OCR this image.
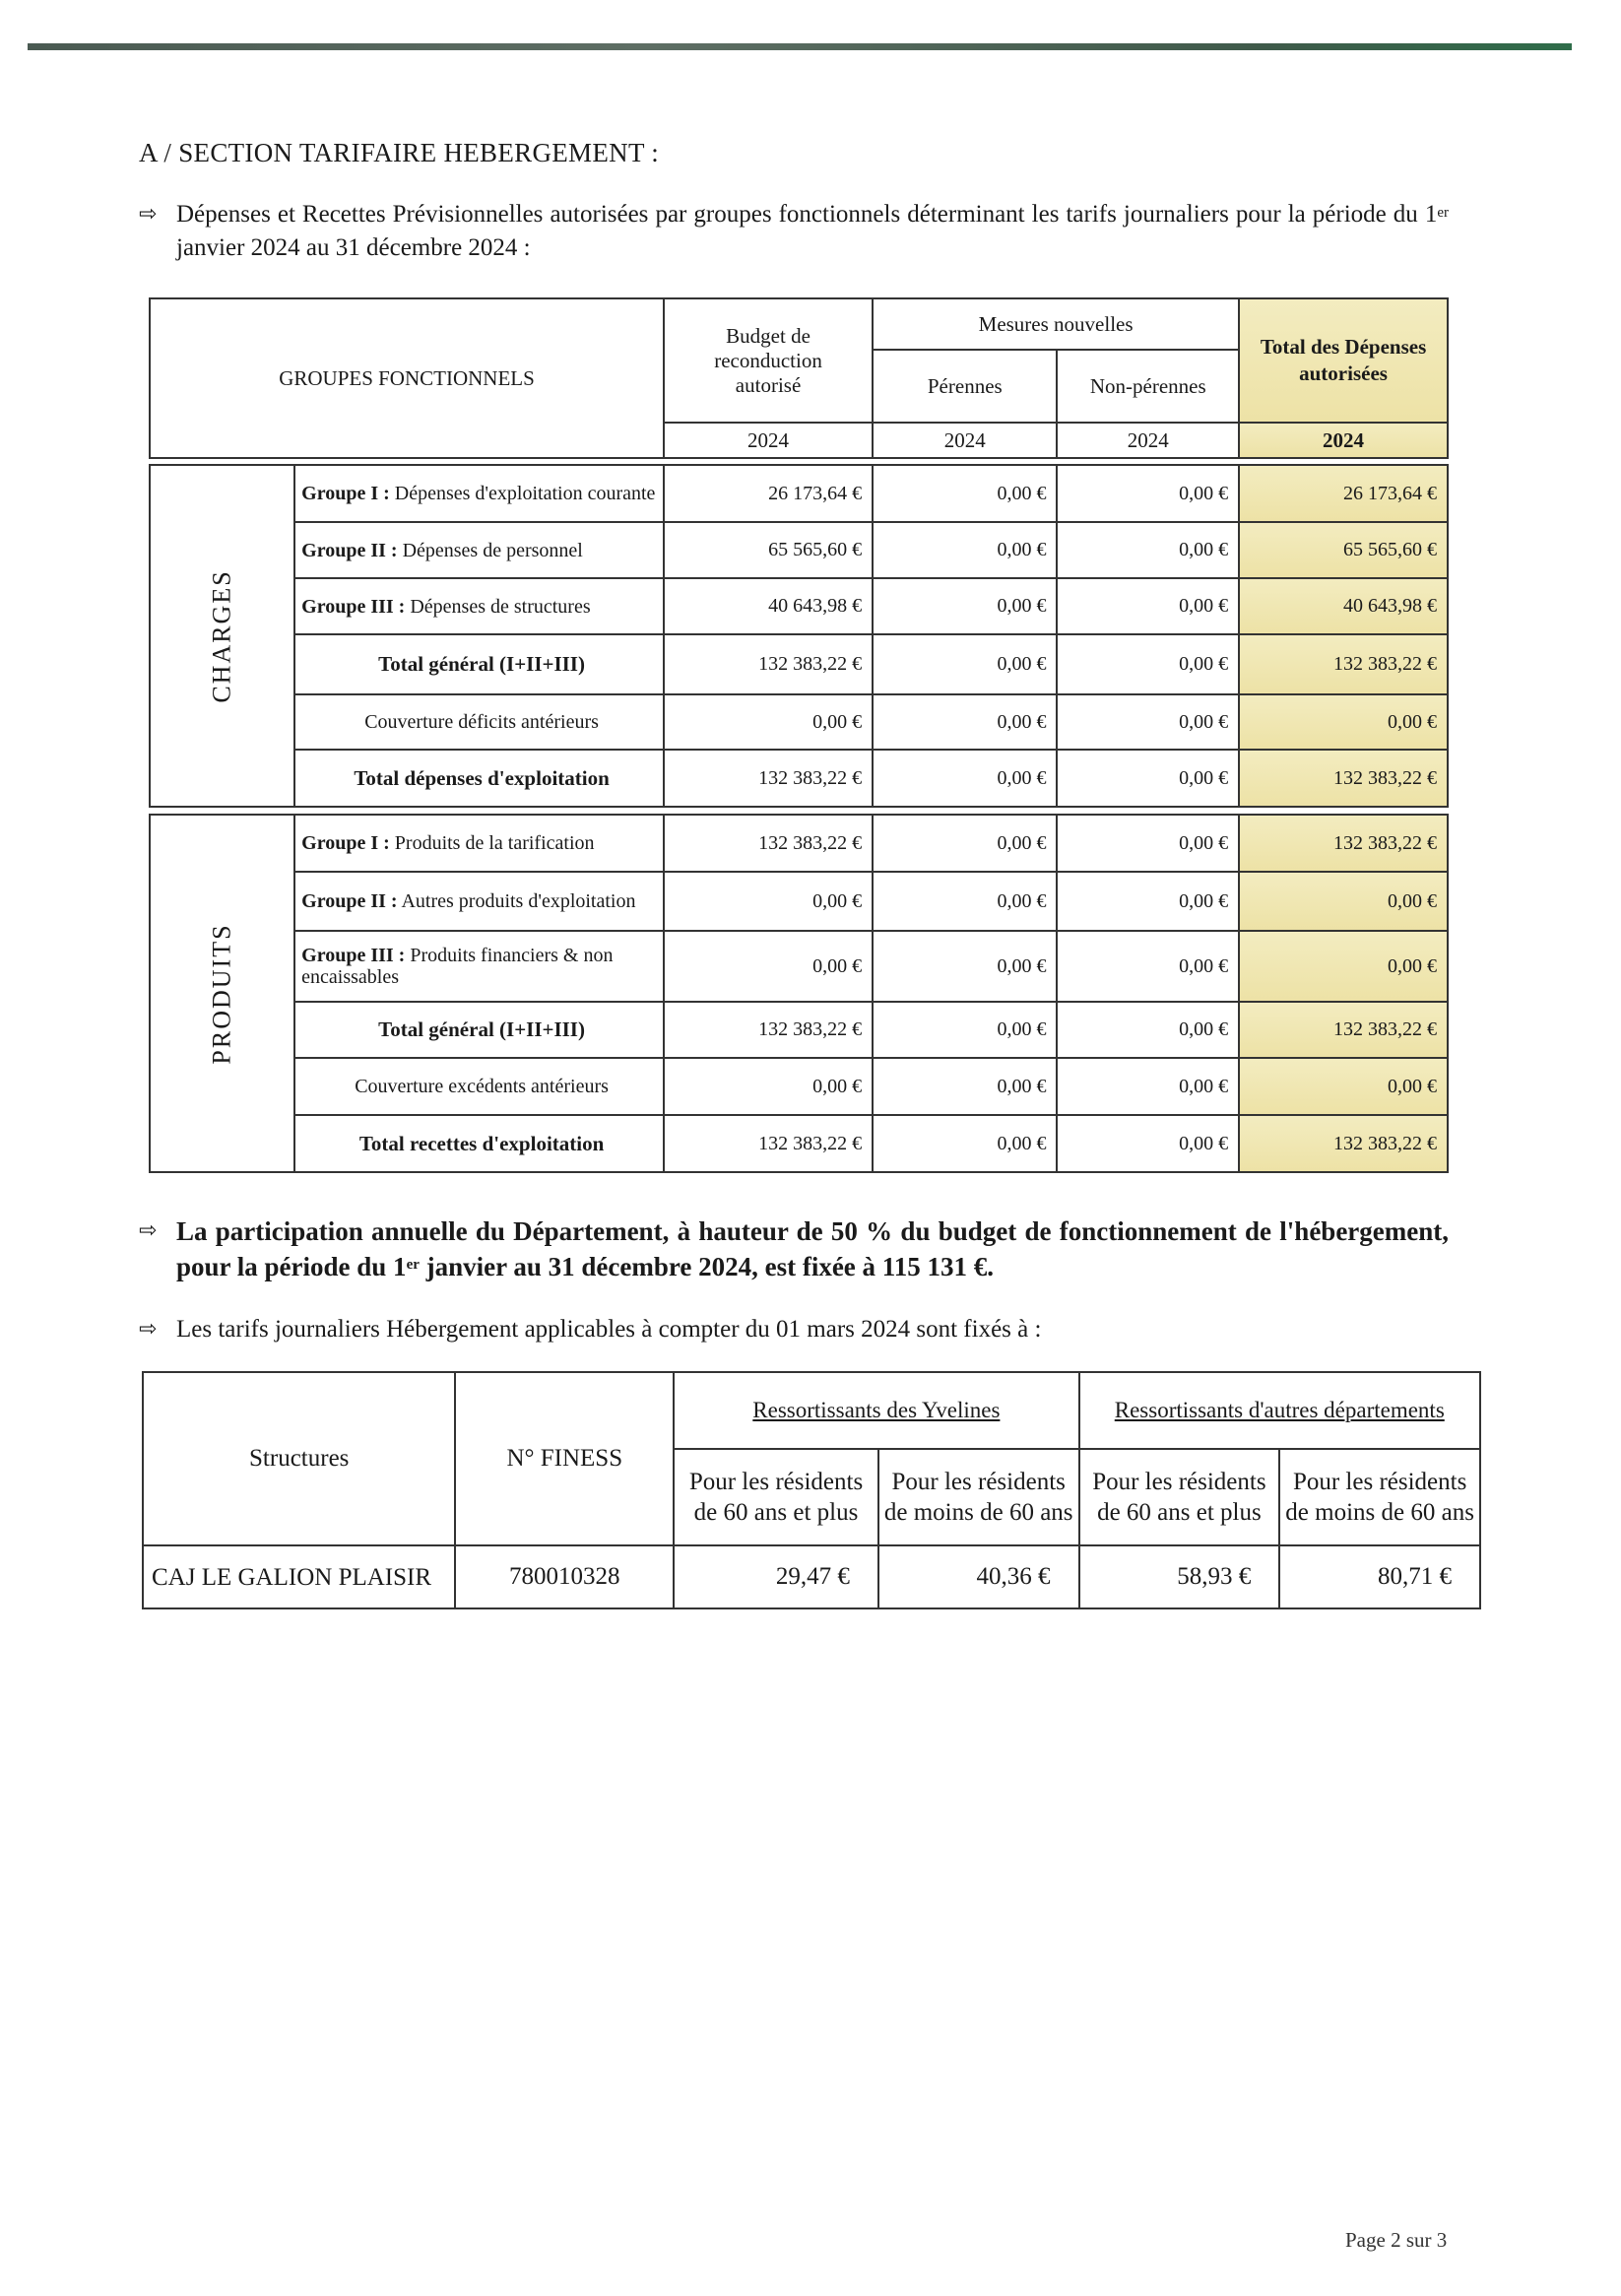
A / SECTION TARIFAIRE HEBERGEMENT :
⇨ Dépenses et Recettes Prévisionnelles autorisées par groupes fonctionnels déterminant les tarifs journaliers pour la période du 1er janvier 2024 au 31 décembre 2024 :
GROUPES FONCTIONNELS		Budget de reconduction autorisé	Mesures nouvelles		Total des Dépenses autorisées
			Pérennes	Non-pérennes	
		2024	2024	2024	2024

CHARGES	Groupe I : Dépenses d'exploitation courante	26 173,64 €	0,00 €	0,00 €	26 173,64 €
	Groupe II : Dépenses de personnel	65 565,60 €	0,00 €	0,00 €	65 565,60 €
	Groupe III : Dépenses de structures	40 643,98 €	0,00 €	0,00 €	40 643,98 €
	Total général (I+II+III)	132 383,22 €	0,00 €	0,00 €	132 383,22 €
	Couverture déficits antérieurs	0,00 €	0,00 €	0,00 €	0,00 €
	Total dépenses d'exploitation	132 383,22 €	0,00 €	0,00 €	132 383,22 €

PRODUITS	Groupe I : Produits de la tarification	132 383,22 €	0,00 €	0,00 €	132 383,22 €
	Groupe II : Autres produits d'exploitation	0,00 €	0,00 €	0,00 €	0,00 €
	Groupe III : Produits financiers & non encaissables	0,00 €	0,00 €	0,00 €	0,00 €
	Total général (I+II+III)	132 383,22 €	0,00 €	0,00 €	132 383,22 €
	Couverture excédents antérieurs	0,00 €	0,00 €	0,00 €	0,00 €
	Total recettes d'exploitation	132 383,22 €	0,00 €	0,00 €	132 383,22 €
⇨ La participation annuelle du Département, à hauteur de 50 % du budget de fonctionnement de l'hébergement, pour la période du 1er janvier au 31 décembre 2024, est fixée à 115 131 €.
⇨ Les tarifs journaliers Hébergement applicables à compter du 01 mars 2024 sont fixés à :
Structures	N° FINESS	Ressortissants des Yvelines		Ressortissants d'autres départements	
		Pour les résidents de 60 ans et plus	Pour les résidents de moins de 60 ans	Pour les résidents de 60 ans et plus	Pour les résidents de moins de 60 ans
CAJ LE GALION PLAISIR	780010328	29,47 €	40,36 €	58,93 €	80,71 €
Page 2 sur 3
